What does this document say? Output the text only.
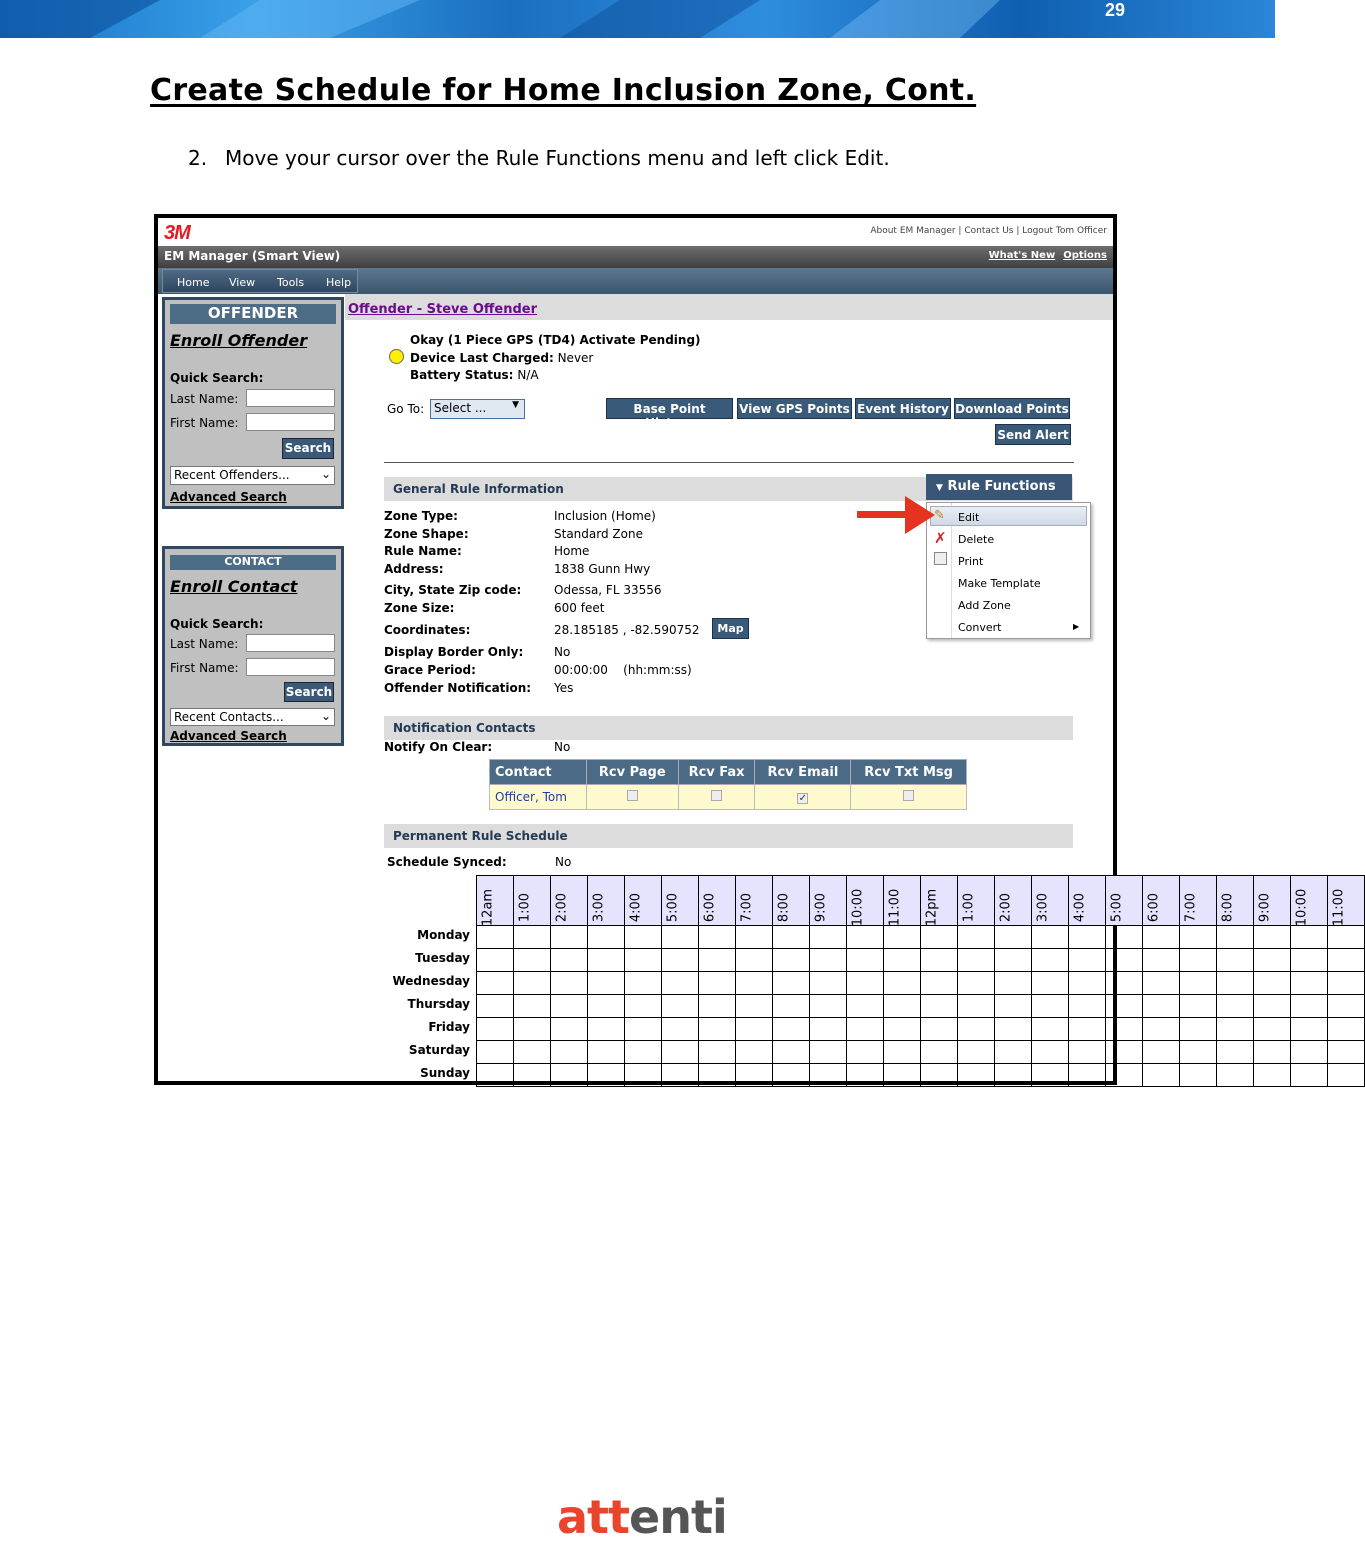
29
Create Schedule for Home Inclusion Zone, Cont.
2. Move your cursor over the Rule Functions menu and left click Edit.
3M	About EM Manager | Contact Us | Logout Tom Officer
EM Manager (Smart View)	What's New Options
Home View Tools Help
OFFENDER
Enroll Offender
Quick Search:
Last Name:
First Name:
Search
Recent Offenders...	⌄
Advanced Search
CONTACT
Enroll Contact
Quick Search:
Last Name:
First Name:
Search
Recent Contacts...	⌄
Advanced Search
Offender - Steve Offender
Okay (1 Piece GPS (TD4) Activate Pending)
Device Last Charged: Never
Battery Status: N/A
Go To: Select ...	▼	Base Point History
View GPS Points Event History Download Points
Send Alert
General Rule Information	▼ Rule Functions
Zone Type:	Inclusion (Home)
Zone Shape:	Standard Zone
Rule Name:	Home
Address:	1838 Gunn Hwy
City, State Zip code:	Odessa, FL 33556
Zone Size:	600 feet
Coordinates:	28.185185 , -82.590752	Map
Display Border Only:	No
Grace Period:	00:00:00    (hh:mm:ss)
Offender Notification: Yes
✎ Edit
✗ Delete
Print
Make Template
Add Zone
Convert	▶
Notification Contacts
Notify On Clear:	No
Contact	Rcv Page	Rcv Fax	Rcv Email	Rcv Txt Msg
Officer, Tom			✓	
Permanent Rule Schedule
Schedule Synced:	No
12am	1:00	2:00	3:00	4:00	5:00	6:00	7:00	8:00	9:00	10:00	11:00	12pm	1:00	2:00	3:00	4:00	5:00	6:00	7:00	8:00	9:00	10:00	11:00

Monday
Tuesday
Wednesday
Thursday
Friday
Saturday
Sunday
attenti
